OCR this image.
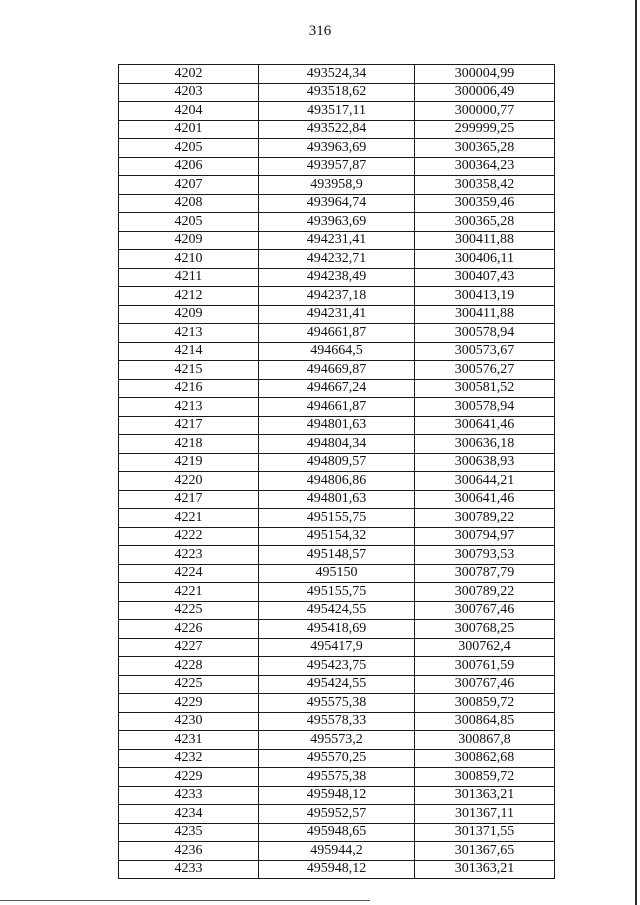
316
4202	493524,34	300004,99
4203	493518,62	300006,49
4204	493517,11	300000,77
4201	493522,84	299999,25
4205	493963,69	300365,28
4206	493957,87	300364,23
4207	493958,9	300358,42
4208	493964,74	300359,46
4205	493963,69	300365,28
4209	494231,41	300411,88
4210	494232,71	300406,11
4211	494238,49	300407,43
4212	494237,18	300413,19
4209	494231,41	300411,88
4213	494661,87	300578,94
4214	494664,5	300573,67
4215	494669,87	300576,27
4216	494667,24	300581,52
4213	494661,87	300578,94
4217	494801,63	300641,46
4218	494804,34	300636,18
4219	494809,57	300638,93
4220	494806,86	300644,21
4217	494801,63	300641,46
4221	495155,75	300789,22
4222	495154,32	300794,97
4223	495148,57	300793,53
4224	495150	300787,79
4221	495155,75	300789,22
4225	495424,55	300767,46
4226	495418,69	300768,25
4227	495417,9	300762,4
4228	495423,75	300761,59
4225	495424,55	300767,46
4229	495575,38	300859,72
4230	495578,33	300864,85
4231	495573,2	300867,8
4232	495570,25	300862,68
4229	495575,38	300859,72
4233	495948,12	301363,21
4234	495952,57	301367,11
4235	495948,65	301371,55
4236	495944,2	301367,65
4233	495948,12	301363,21
